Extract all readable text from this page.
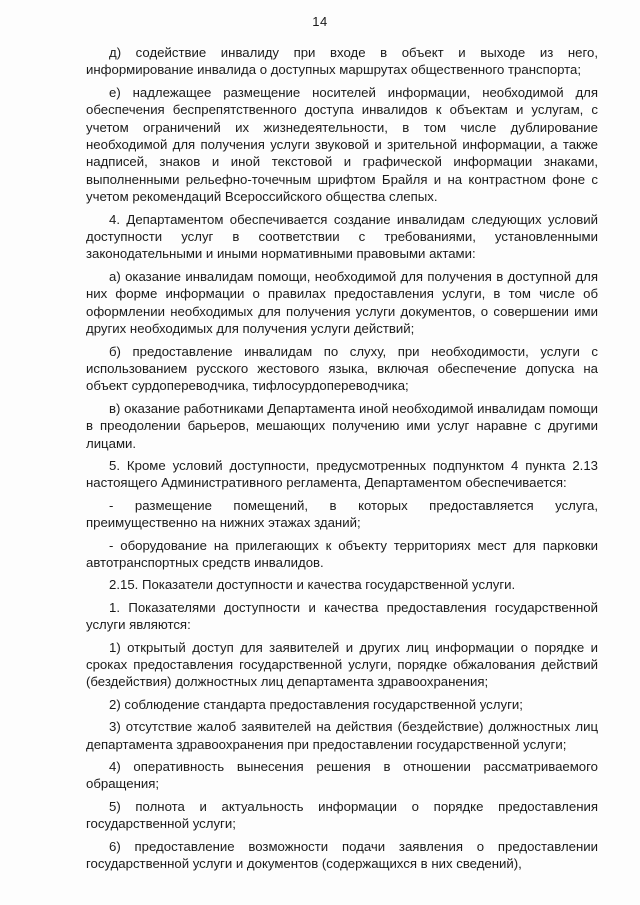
14

д) содействие инвалиду при входе в объект и выходе из него, информирование инвалида о доступных маршрутах общественного транспорта;

е) надлежащее размещение носителей информации, необходимой для обеспечения беспрепятственного доступа инвалидов к объектам и услугам, с учетом ограничений их жизнедеятельности, в том числе дублирование необходимой для получения услуги звуковой и зрительной информации, а также надписей, знаков и иной текстовой и графической информации знаками, выполненными рельефно-точечным шрифтом Брайля и на контрастном фоне с учетом рекомендаций Всероссийского общества слепых.

4. Департаментом обеспечивается создание инвалидам следующих условий доступности услуг в соответствии с требованиями, установленными законодательными и иными нормативными правовыми актами:

а) оказание инвалидам помощи, необходимой для получения в доступной для них форме информации о правилах предоставления услуги, в том числе об оформлении необходимых для получения услуги документов, о совершении ими других необходимых для получения услуги действий;

б) предоставление инвалидам по слуху, при необходимости, услуги с использованием русского жестового языка, включая обеспечение допуска на объект сурдопереводчика, тифлосурдопереводчика;

в) оказание работниками Департамента иной необходимой инвалидам помощи в преодолении барьеров, мешающих получению ими услуг наравне с другими лицами.

5. Кроме условий доступности, предусмотренных подпунктом 4 пункта 2.13 настоящего Административного регламента, Департаментом обеспечивается:

- размещение помещений, в которых предоставляется услуга, преимущественно на нижних этажах зданий;

- оборудование на прилегающих к объекту территориях мест для парковки автотранспортных средств инвалидов.

2.15. Показатели доступности и качества государственной услуги.

1. Показателями доступности и качества предоставления государственной услуги являются:

1) открытый доступ для заявителей и других лиц информации о порядке и сроках предоставления государственной услуги, порядке обжалования действий (бездействия) должностных лиц департамента здравоохранения;

2) соблюдение стандарта предоставления государственной услуги;

3) отсутствие жалоб заявителей на действия (бездействие) должностных лиц департамента здравоохранения при предоставлении государственной услуги;

4) оперативность вынесения решения в отношении рассматриваемого обращения;

5) полнота и актуальность информации о порядке предоставления государственной услуги;

6) предоставление возможности подачи заявления о предоставлении государственной услуги и документов (содержащихся в них сведений),
